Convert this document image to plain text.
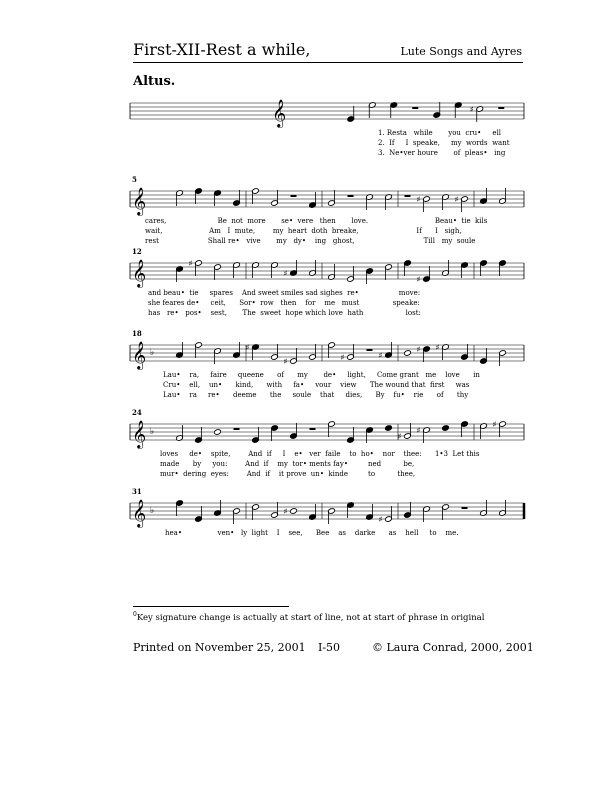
First-XII-Rest a while,	Lute Songs and Ayres
Altus.
$^0$Key signature change is actually at start of line, not at start of phrase in original
Printed on November 25, 2001 I-50	© Laura Conrad, 2000, 2001
𝄞	♯
1. Resta   while       you  cru•     ell
2.  If     I  speake,     my  words  want
3.  Ne•ver houre       of  pleas•   ing
𝄞	♯	♯
5
cares,                       Be  not  more       se•  vere   then       love.                              Beau•  tie  kils
wait,                     Am   I  mute,        my  heart  doth  breake,                          If      I   sigh,
rest                      Shall re•   vive       my   dy•    ing   ghost,                               Till   my  soule
𝄞	♯
♯
♯
12
and beau•  tie     spares    And sweet smiles sad sighes  re•                  move:
she feares de•     ceit,      Sor•  row   then    for    me   must               speake:
has   re•   pos•    sest,       The  sweet  hope which love  hath                   lost:
𝄞 ♭
♯
♯	♯	♯
♯ ♯
18
Lau•    ra,     faire     queene      of      my       de•     light,     Come grant   me    love      in
Cru•    ell,    un•      kind,      with     fa•     vour    view      The wound that  first     was
Lau•    ra     re•      deeme      the     soule    that     dies,      By    fu•    rie      of      thy
𝄞 ♭	♯
♯
♯
24
loves     de•    spite,        And  if     I    e•   ver  faile    to  ho•    nor    thee:      1•3  Let this
made      by     you:        And  if    my  tor• ments fay•         ned          be,
mur•  dering  eyes:        And  if    it prove  un•  kinde         to          thee,
𝄞 ♭	♯
♯
31
hea•                ven•   ly  light    I    see,      Bee    as    darke      as    hell     to    me.
